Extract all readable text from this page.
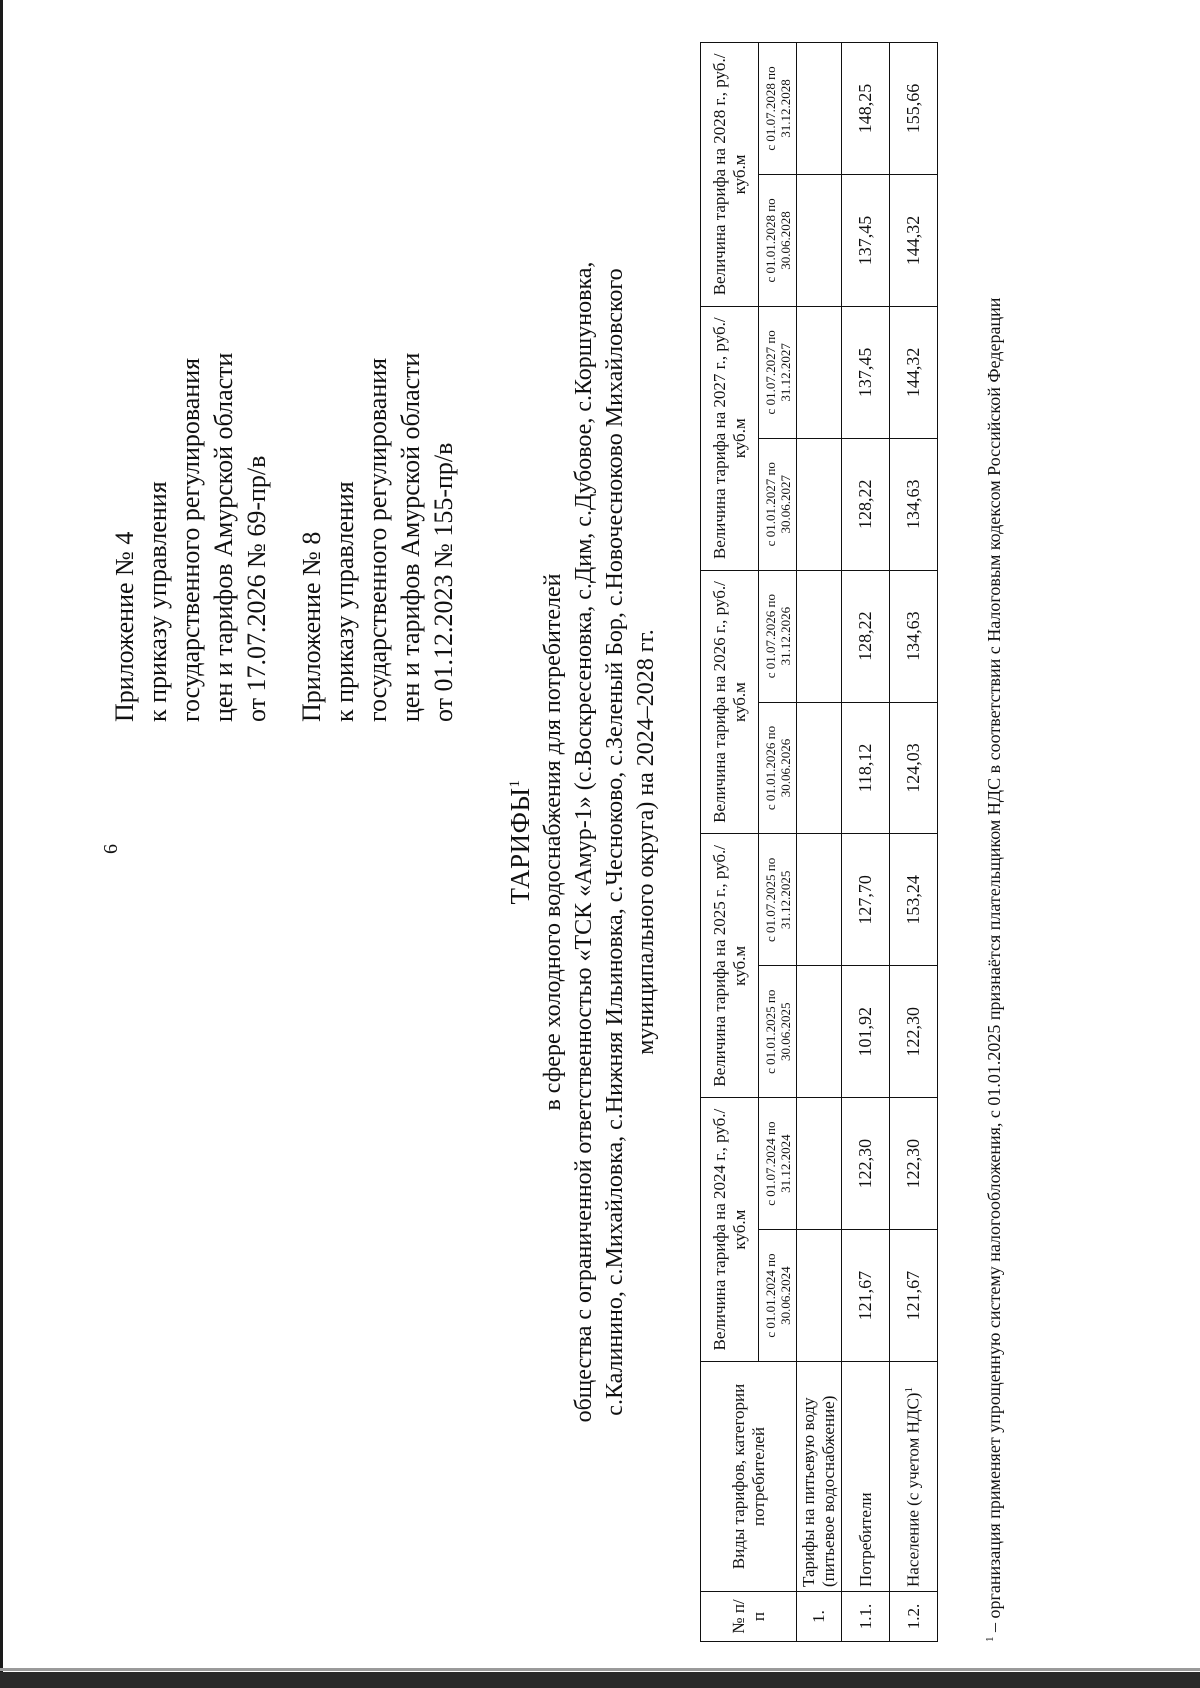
6
Приложение № 4 к приказу управления государственного регулирования цен и тарифов Амурской области от 17.07.2026 № 69-пр/в Приложение № 8 к приказу управления государственного регулирования цен и тарифов Амурской области от 01.12.2023 № 155-пр/в
ТАРИФЫ$^1$ в сфере холодного водоснабжения для потребителей общества с ограниченной ответственностью «ТСК «Амур-1» (с.Воскресеновка, с.Дим, с.Дубовое, с.Коршуновка, с.Калинино, с.Михайловка, с.Нижняя Ильиновка, с.Чесноково, с.Зеленый Бор, с.Новочесноково Михайловского муниципального округа) на 2024–2028 гг.
№ п/п	Виды тарифов, категории потребителей	Величина тарифа на 2024 г., руб./куб.м		Величина тарифа на 2025 г., руб./куб.м		Величина тарифа на 2026 г., руб./куб.м		Величина тарифа на 2027 г., руб./куб.м		Величина тарифа на 2028 г., руб./куб.м	
		с 01.01.2024 по 30.06.2024	с 01.07.2024 по 31.12.2024	с 01.01.2025 по 30.06.2025	с 01.07.2025 по 31.12.2025	с 01.01.2026 по 30.06.2026	с 01.07.2026 по 31.12.2026	с 01.01.2027 по 30.06.2027	с 01.07.2027 по 31.12.2027	с 01.01.2028 по 30.06.2028	с 01.07.2028 по 31.12.2028
1.	Тарифы на питьевую воду (питьевое водоснабжение)										
1.1.	Потребители	121,67	122,30	101,92	127,70	118,12	128,22	128,22	137,45	137,45	148,25
1.2.	Население (с учетом НДС)$^1$	121,67	122,30	122,30	153,24	124,03	134,63	134,63	144,32	144,32	155,66
$^1$ – организация применяет упрощенную систему налогообложения, с 01.01.2025 признаётся плательщиком НДС в соответствии с Налоговым кодексом Российской Федерации
